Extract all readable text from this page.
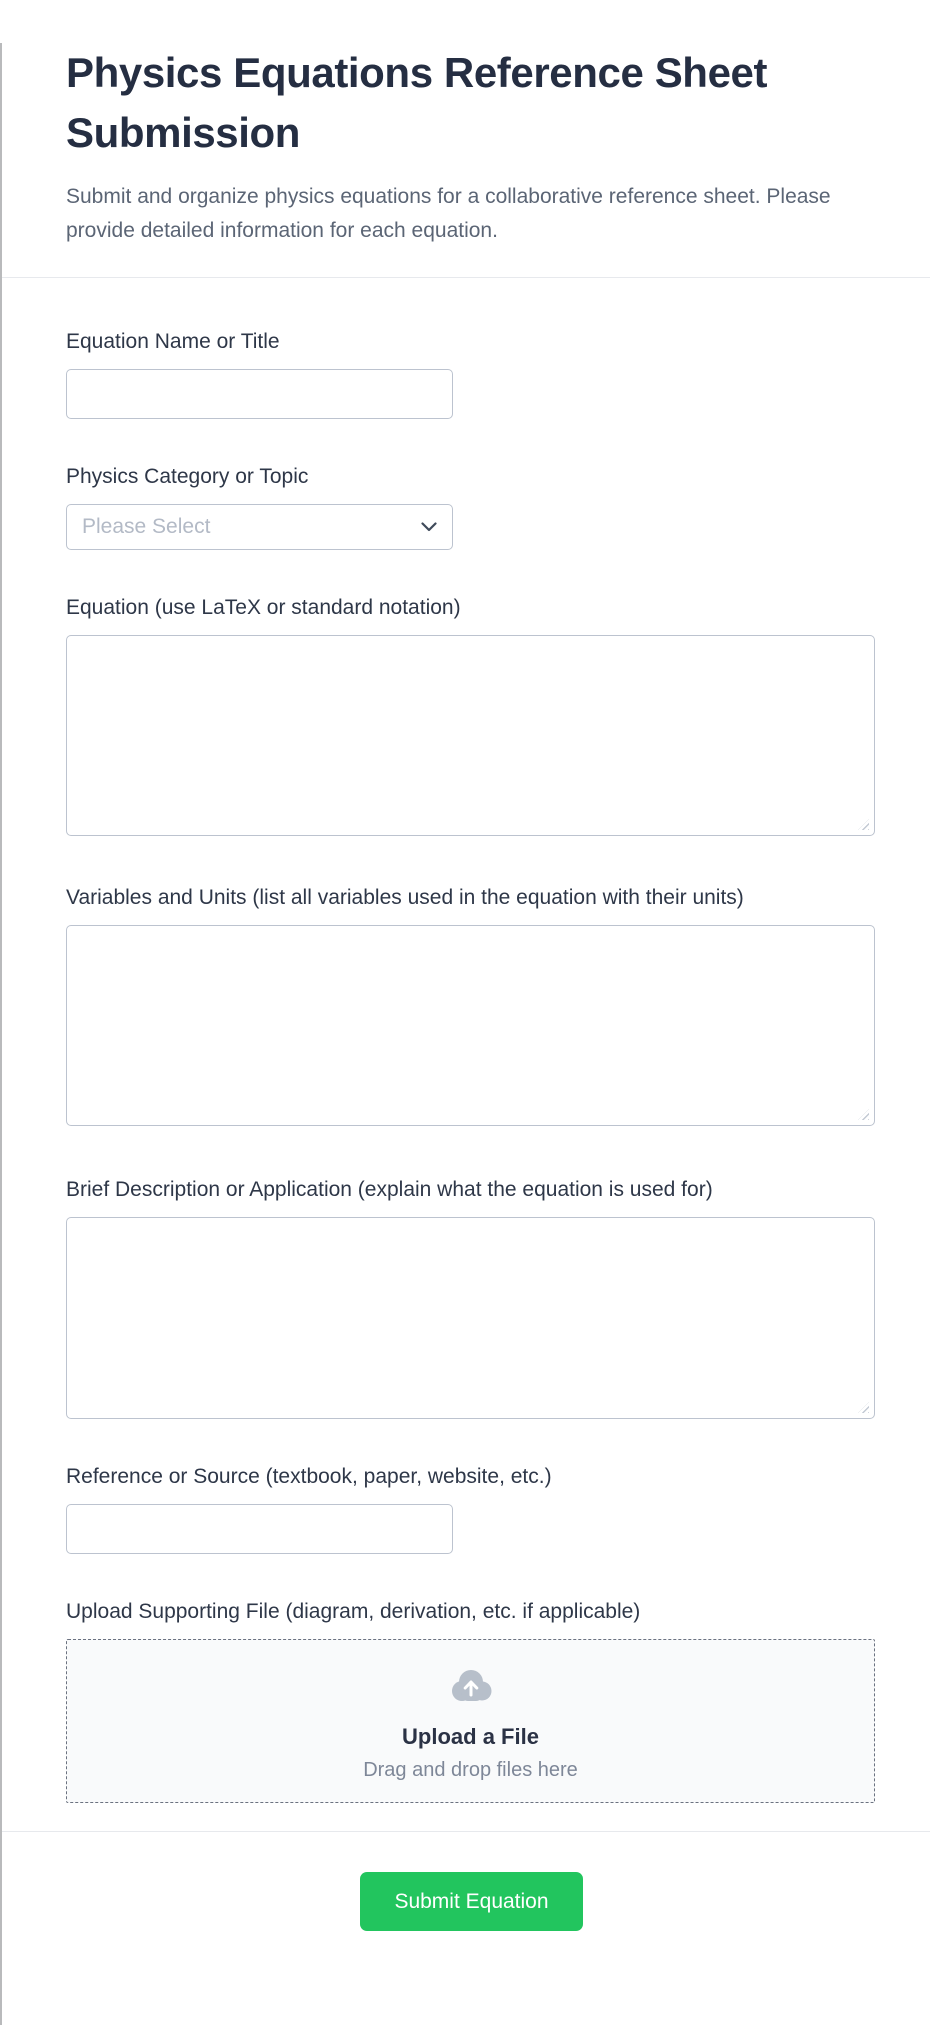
Physics Equations Reference Sheet Submission
Submit and organize physics equations for a collaborative reference sheet. Please
provide detailed information for each equation.
Equation Name or Title
Physics Category or Topic
Please Select
Equation (use LaTeX or standard notation)
Variables and Units (list all variables used in the equation with their units)
Brief Description or Application (explain what the equation is used for)
Reference or Source (textbook, paper, website, etc.)
Upload Supporting File (diagram, derivation, etc. if applicable)
Upload a File
Drag and drop files here
Submit Equation
